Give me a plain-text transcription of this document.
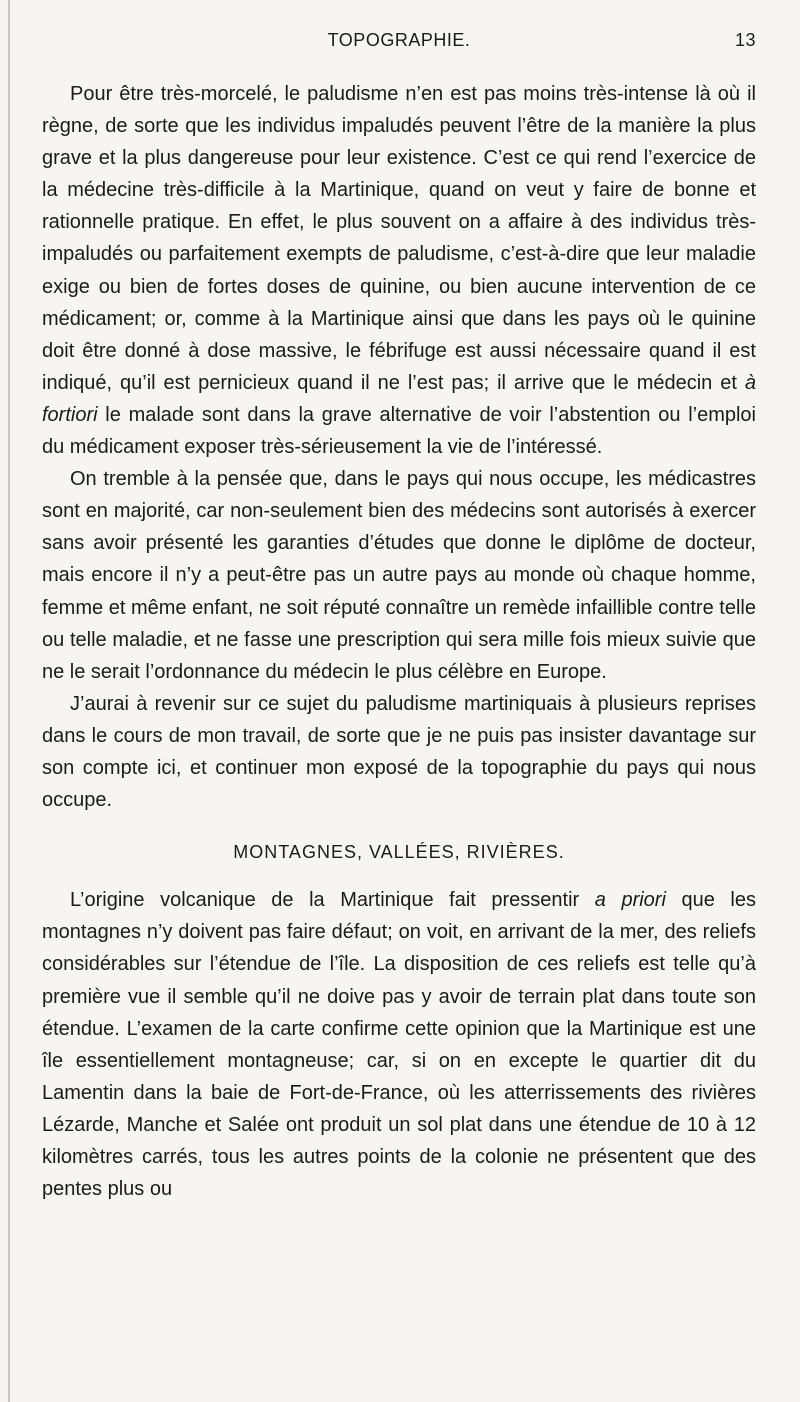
TOPOGRAPHIE.	13

Pour être très-morcelé, le paludisme n’en est pas moins très-intense là où il règne, de sorte que les individus impaludés peuvent l’être de la manière la plus grave et la plus dangereuse pour leur existence. C’est ce qui rend l’exercice de la médecine très-difficile à la Martinique, quand on veut y faire de bonne et rationnelle pratique. En effet, le plus souvent on a affaire à des individus très-impaludés ou parfaitement exempts de paludisme, c’est-à-dire que leur maladie exige ou bien de fortes doses de quinine, ou bien aucune intervention de ce médicament; or, comme à la Martinique ainsi que dans les pays où le quinine doit être donné à dose massive, le fébrifuge est aussi nécessaire quand il est indiqué, qu’il est pernicieux quand il ne l’est pas; il arrive que le médecin et à fortiori le malade sont dans la grave alternative de voir l’abstention ou l’emploi du médicament exposer très-sérieusement la vie de l’intéressé.

On tremble à la pensée que, dans le pays qui nous occupe, les médicastres sont en majorité, car non-seulement bien des médecins sont autorisés à exercer sans avoir présenté les garanties d’études que donne le diplôme de docteur, mais encore il n’y a peut-être pas un autre pays au monde où chaque homme, femme et même enfant, ne soit réputé connaître un remède infaillible contre telle ou telle maladie, et ne fasse une prescription qui sera mille fois mieux suivie que ne le serait l’ordonnance du médecin le plus célèbre en Europe.

J’aurai à revenir sur ce sujet du paludisme martiniquais à plusieurs reprises dans le cours de mon travail, de sorte que je ne puis pas insister davantage sur son compte ici, et continuer mon exposé de la topographie du pays qui nous occupe.

MONTAGNES, VALLÉES, RIVIÈRES.

L’origine volcanique de la Martinique fait pressentir a priori que les montagnes n’y doivent pas faire défaut; on voit, en arrivant de la mer, des reliefs considérables sur l’étendue de l’île. La disposition de ces reliefs est telle qu’à première vue il semble qu’il ne doive pas y avoir de terrain plat dans toute son étendue. L’examen de la carte confirme cette opinion que la Martinique est une île essentiellement montagneuse; car, si on en excepte le quartier dit du Lamentin dans la baie de Fort-de-France, où les atterrissements des rivières Lézarde, Manche et Salée ont produit un sol plat dans une étendue de 10 à 12 kilomètres carrés, tous les autres points de la colonie ne présentent que des pentes plus ou
